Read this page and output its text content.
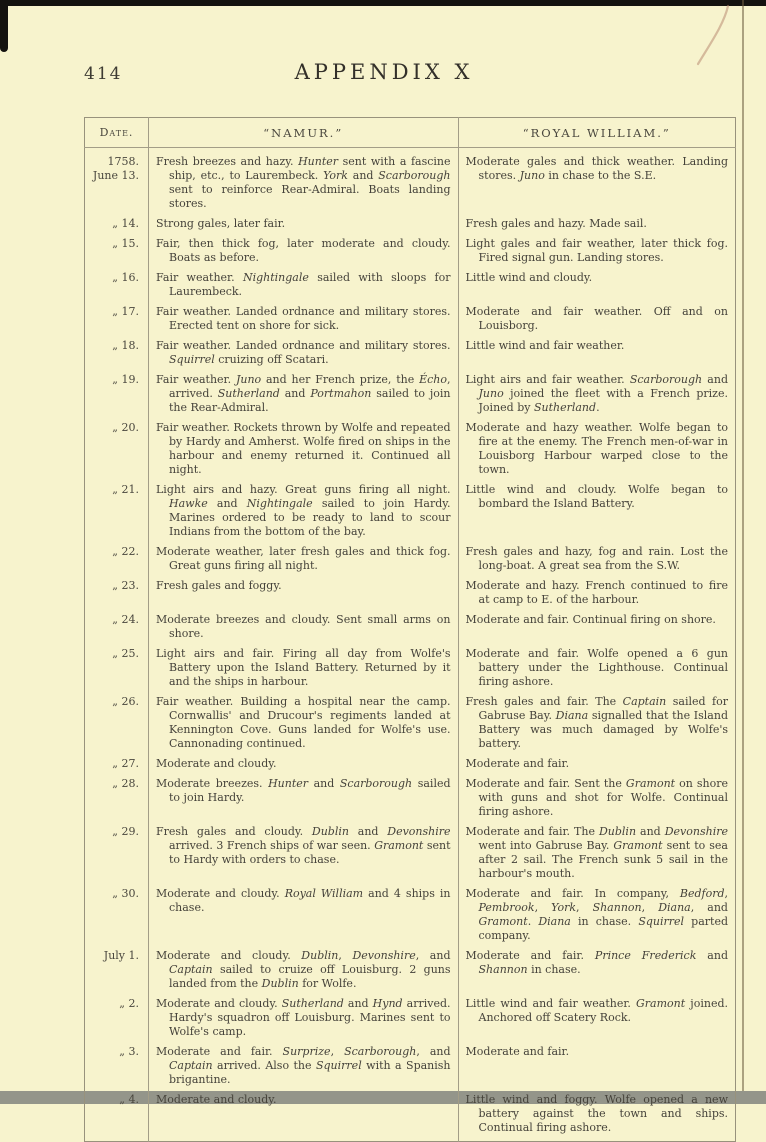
414	APPENDIX X
Date.	“NAMUR.”	“ROYAL WILLIAM.”
1758.
June 13.	Fresh breezes and hazy. Hunter sent with a fascine ship, etc., to Laurembeck. York and Scarborough sent to reinforce Rear-Admiral. Boats landing stores.	Moderate gales and thick weather. Landing stores. Juno in chase to the S.E.

„ 14.	Strong gales, later fair.	Fresh gales and hazy. Made sail.

„ 15.	Fair, then thick fog, later moderate and cloudy. Boats as before.	Light gales and fair weather, later thick fog. Fired signal gun. Landing stores.

„ 16.	Fair weather. Nightingale sailed with sloops for Laurembeck.	Little wind and cloudy.

„ 17.	Fair weather. Landed ordnance and military stores. Erected tent on shore for sick.	Moderate and fair weather. Off and on Louisborg.

„ 18.	Fair weather. Landed ordnance and military stores. Squirrel cruizing off Scatari.	Little wind and fair weather.

„ 19.	Fair weather. Juno and her French prize, the Écho, arrived. Sutherland and Portmahon sailed to join the Rear-Admiral.	Light airs and fair weather. Scarborough and Juno joined the fleet with a French prize. Joined by Sutherland.

„ 20.	Fair weather. Rockets thrown by Wolfe and repeated by Hardy and Amherst. Wolfe fired on ships in the harbour and enemy returned it. Continued all night.	Moderate and hazy weather. Wolfe began to fire at the enemy. The French men-of-war in Louisborg Harbour warped close to the town.

„ 21.	Light airs and hazy. Great guns firing all night. Hawke and Nightingale sailed to join Hardy. Marines ordered to be ready to land to scour Indians from the bottom of the bay.	Little wind and cloudy. Wolfe began to bombard the Island Battery.

„ 22.	Moderate weather, later fresh gales and thick fog. Great guns firing all night.	Fresh gales and hazy, fog and rain. Lost the long-boat. A great sea from the S.W.

„ 23.	Fresh gales and foggy.	Moderate and hazy. French continued to fire at camp to E. of the harbour.

„ 24.	Moderate breezes and cloudy. Sent small arms on shore.	Moderate and fair. Continual firing on shore.

„ 25.	Light airs and fair. Firing all day from Wolfe's Battery upon the Island Battery. Returned by it and the ships in harbour.	Moderate and fair. Wolfe opened a 6 gun battery under the Lighthouse. Continual firing ashore.

„ 26.	Fair weather. Building a hospital near the camp. Cornwallis' and Drucour's regiments landed at Kennington Cove. Guns landed for Wolfe's use. Cannonading continued.	Fresh gales and fair. The Captain sailed for Gabruse Bay. Diana signalled that the Island Battery was much damaged by Wolfe's battery.

„ 27.	Moderate and cloudy.	Moderate and fair.

„ 28.	Moderate breezes. Hunter and Scarborough sailed to join Hardy.	Moderate and fair. Sent the Gramont on shore with guns and shot for Wolfe. Continual firing ashore.

„ 29.	Fresh gales and cloudy. Dublin and Devonshire arrived. 3 French ships of war seen. Gramont sent to Hardy with orders to chase.	Moderate and fair. The Dublin and Devonshire went into Gabruse Bay. Gramont sent to sea after 2 sail. The French sunk 5 sail in the harbour's mouth.

„ 30.	Moderate and cloudy. Royal William and 4 ships in chase.	Moderate and fair. In company, Bedford, Pembrook, York, Shannon, Diana, and Gramont. Diana in chase. Squirrel parted company.

July 1.	Moderate and cloudy. Dublin, Devonshire, and Captain sailed to cruize off Louisburg. 2 guns landed from the Dublin for Wolfe.	Moderate and fair. Prince Frederick and Shannon in chase.

„ 2.	Moderate and cloudy. Sutherland and Hynd arrived. Hardy's squadron off Louisburg. Marines sent to Wolfe's camp.	Little wind and fair weather. Gramont joined. Anchored off Scatery Rock.

„ 3.	Moderate and fair. Surprize, Scarborough, and Captain arrived. Also the Squirrel with a Spanish brigantine.	Moderate and fair.

„ 4.	Moderate and cloudy.	Little wind and foggy. Wolfe opened a new battery against the town and ships. Continual firing ashore.
